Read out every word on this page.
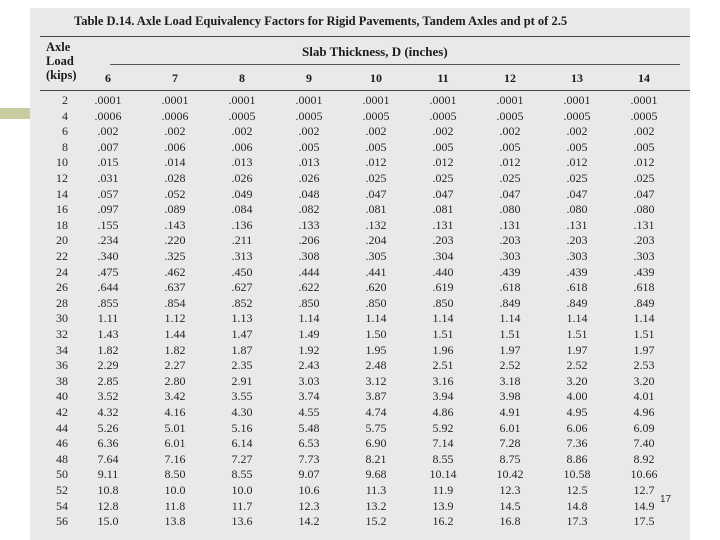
Table D.14. Axle Load Equivalency Factors for Rigid Pavements, Tandem Axles and pt of 2.5
Axle
Load
(kips)
Slab Thickness, D (inches)
6	7	8	9	10	11	12	13	14
2	.0001	.0001	.0001	.0001	.0001	.0001	.0001	.0001	.0001
4	.0006	.0006	.0005	.0005	.0005	.0005	.0005	.0005	.0005
6	.002	.002	.002	.002	.002	.002	.002	.002	.002
8	.007	.006	.006	.005	.005	.005	.005	.005	.005
10	.015	.014	.013	.013	.012	.012	.012	.012	.012
12	.031	.028	.026	.026	.025	.025	.025	.025	.025
14	.057	.052	.049	.048	.047	.047	.047	.047	.047
16	.097	.089	.084	.082	.081	.081	.080	.080	.080
18	.155	.143	.136	.133	.132	.131	.131	.131	.131
20	.234	.220	.211	.206	.204	.203	.203	.203	.203
22	.340	.325	.313	.308	.305	.304	.303	.303	.303
24	.475	.462	.450	.444	.441	.440	.439	.439	.439
26	.644	.637	.627	.622	.620	.619	.618	.618	.618
28	.855	.854	.852	.850	.850	.850	.849	.849	.849
30	1.11	1.12	1.13	1.14	1.14	1.14	1.14	1.14	1.14
32	1.43	1.44	1.47	1.49	1.50	1.51	1.51	1.51	1.51
34	1.82	1.82	1.87	1.92	1.95	1.96	1.97	1.97	1.97
36	2.29	2.27	2.35	2.43	2.48	2.51	2.52	2.52	2.53
38	2.85	2.80	2.91	3.03	3.12	3.16	3.18	3.20	3.20
40	3.52	3.42	3.55	3.74	3.87	3.94	3.98	4.00	4.01
42	4.32	4.16	4.30	4.55	4.74	4.86	4.91	4.95	4.96
44	5.26	5.01	5.16	5.48	5.75	5.92	6.01	6.06	6.09
46	6.36	6.01	6.14	6.53	6.90	7.14	7.28	7.36	7.40
48	7.64	7.16	7.27	7.73	8.21	8.55	8.75	8.86	8.92
50	9.11	8.50	8.55	9.07	9.68	10.14	10.42	10.58	10.66
52	10.8	10.0	10.0	10.6	11.3	11.9	12.3	12.5	12.7
54	12.8	11.8	11.7	12.3	13.2	13.9	14.5	14.8	14.9
56	15.0	13.8	13.6	14.2	15.2	16.2	16.8	17.3	17.5
17
